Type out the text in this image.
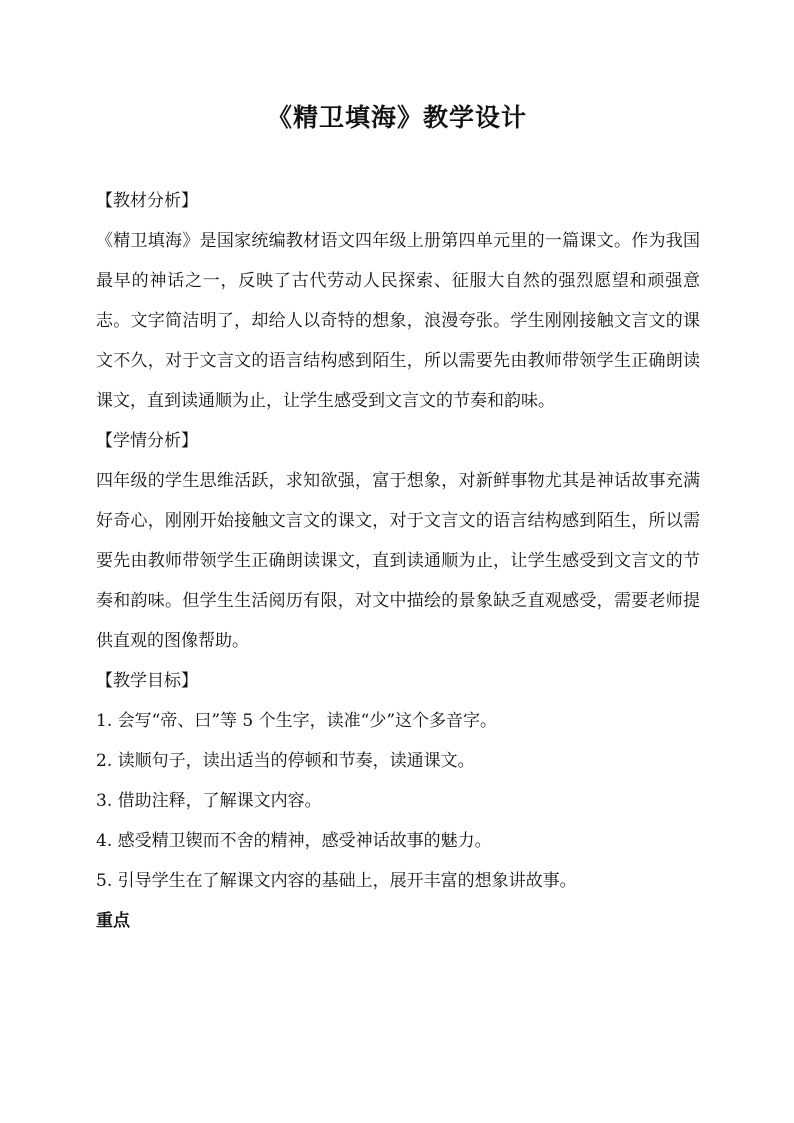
《精卫填海》教学设计
【教材分析】

《精卫填海》是国家统编教材语文四年级上册第四单元里的一篇课文。作为我国最早的神话之一，反映了古代劳动人民探索、征服大自然的强烈愿望和顽强意志。文字简洁明了，却给人以奇特的想象，浪漫夸张。学生刚刚接触文言文的课文不久，对于文言文的语言结构感到陌生，所以需要先由教师带领学生正确朗读课文，直到读通顺为止，让学生感受到文言文的节奏和韵味。

【学情分析】

四年级的学生思维活跃，求知欲强，富于想象，对新鲜事物尤其是神话故事充满好奇心，刚刚开始接触文言文的课文，对于文言文的语言结构感到陌生，所以需要先由教师带领学生正确朗读课文，直到读通顺为止，让学生感受到文言文的节奏和韵味。但学生生活阅历有限，对文中描绘的景象缺乏直观感受，需要老师提供直观的图像帮助。

【教学目标】
1. 会写“帝、曰”等 5 个生字，读准“少”这个多音字。
2. 读顺句子，读出适当的停顿和节奏，读通课文。
3. 借助注释，了解课文内容。
4. 感受精卫锲而不舍的精神，感受神话故事的魅力。
5. 引导学生在了解课文内容的基础上，展开丰富的想象讲故事。
重点
